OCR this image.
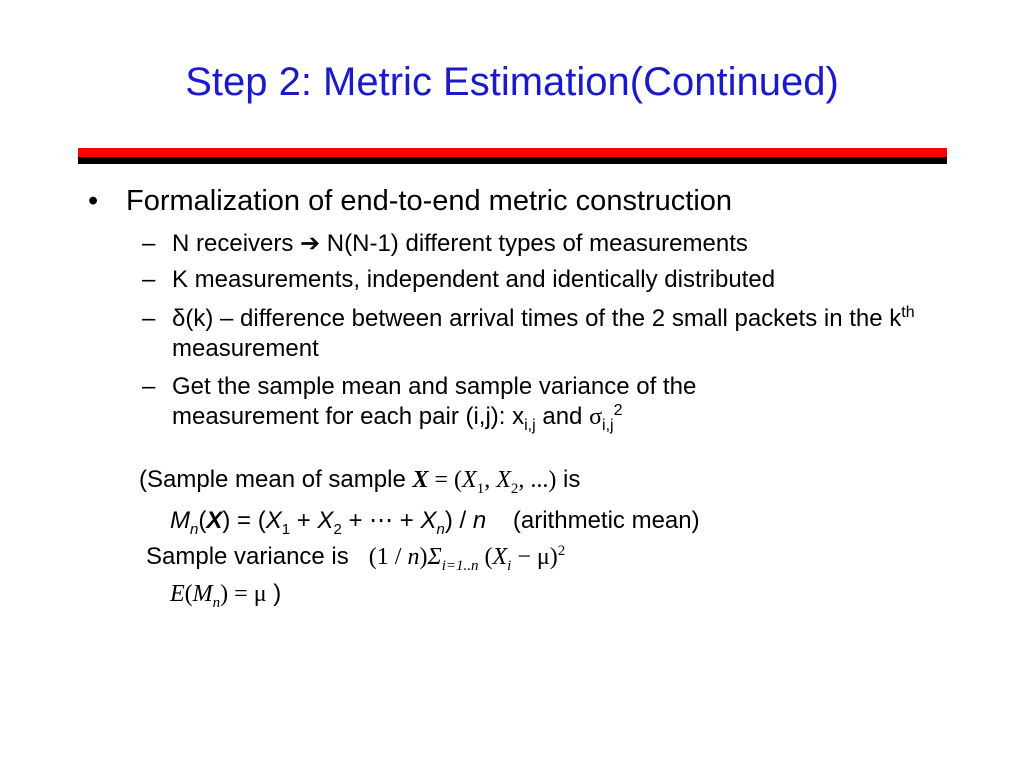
Step 2: Metric Estimation(Continued)
• Formalization of end-to-end metric construction
– N receivers ➔ N(N-1) different types of measurements
– K measurements, independent and identically distributed
– δ(k) – difference between arrival times of the 2 small packets in the $k^{th}$ measurement
– Get the sample mean and sample variance of the measurement for each pair (i,j): $x_{i,j}$ and $\sigma_{i,j}^2$
(Sample mean of sample $X = (X_1$, $X_2$, ...) is
$M_n(X) = (X_1 + X_2$ + ⋯ + $X_n$) / n    (arithmetic mean)
Sample variance is   $(1 / n)\Sigma_{i=1..n}$ $(X_i - \mu)^2$
$E(M_n) = \mu$ )
